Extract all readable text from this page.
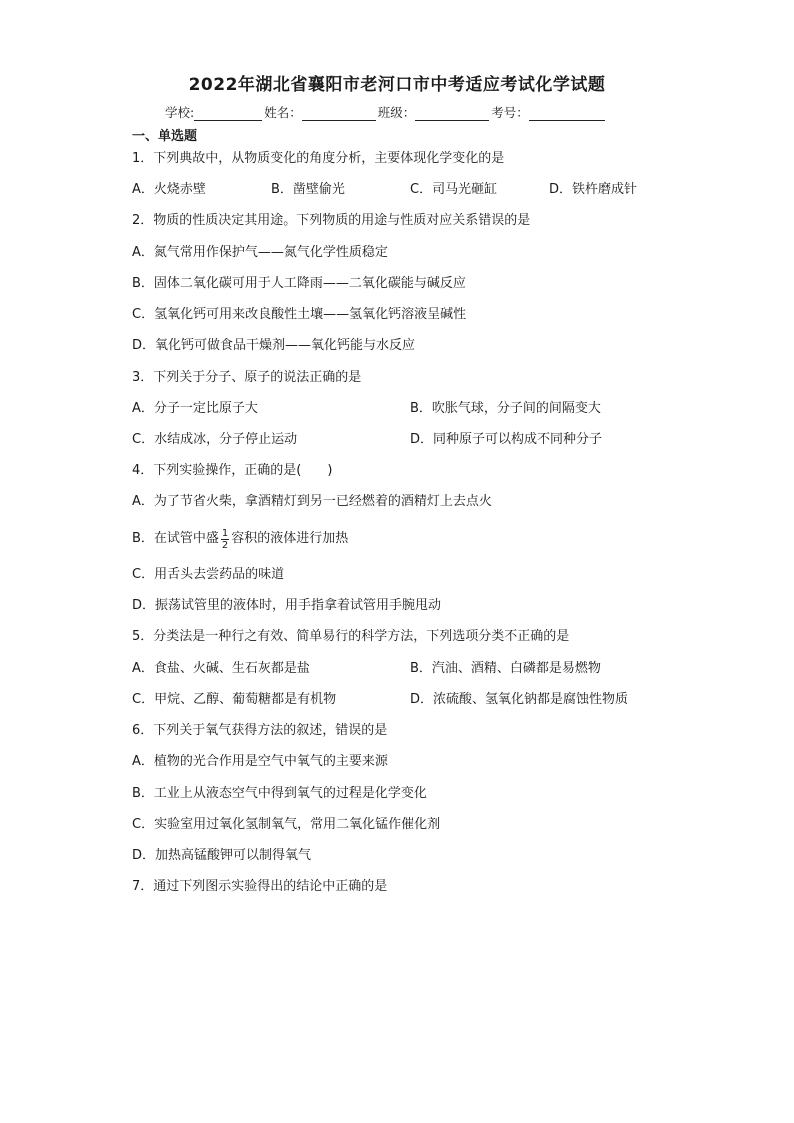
2022年湖北省襄阳市老河口市中考适应考试化学试题
学校:	姓名：	班级：	考号：
一、单选题
1．下列典故中，从物质变化的角度分析，主要体现化学变化的是
A．火烧赤壁	B．凿壁偷光	C．司马光砸缸	D．铁杵磨成针
2．物质的性质决定其用途。下列物质的用途与性质对应关系错误的是
A．氮气常用作保护气——氮气化学性质稳定
B．固体二氧化碳可用于人工降雨——二氧化碳能与碱反应
C．氢氧化钙可用来改良酸性土壤——氢氧化钙溶液呈碱性
D．氧化钙可做食品干燥剂——氧化钙能与水反应
3．下列关于分子、原子的说法正确的是
A．分子一定比原子大	B．吹胀气球，分子间的间隔变大
C．水结成冰，分子停止运动	D．同种原子可以构成不同种分子
4．下列实验操作，正确的是(　　)
A．为了节省火柴，拿酒精灯到另一已经燃着的酒精灯上去点火
B．在试管中盛 $\frac{1}{2}$ 容积的液体进行加热
C．用舌头去尝药品的味道
D．振荡试管里的液体时，用手指拿着试管用手腕甩动
5．分类法是一种行之有效、简单易行的科学方法，下列选项分类不正确的是
A．食盐、火碱、生石灰都是盐	B．汽油、酒精、白磷都是易燃物
C．甲烷、乙醇、葡萄糖都是有机物	D．浓硫酸、氢氧化钠都是腐蚀性物质
6．下列关于氧气获得方法的叙述，错误的是
A．植物的光合作用是空气中氧气的主要来源
B．工业上从液态空气中得到氧气的过程是化学变化
C．实验室用过氧化氢制氧气，常用二氧化锰作催化剂
D．加热高锰酸钾可以制得氧气
7．通过下列图示实验得出的结论中正确的是
